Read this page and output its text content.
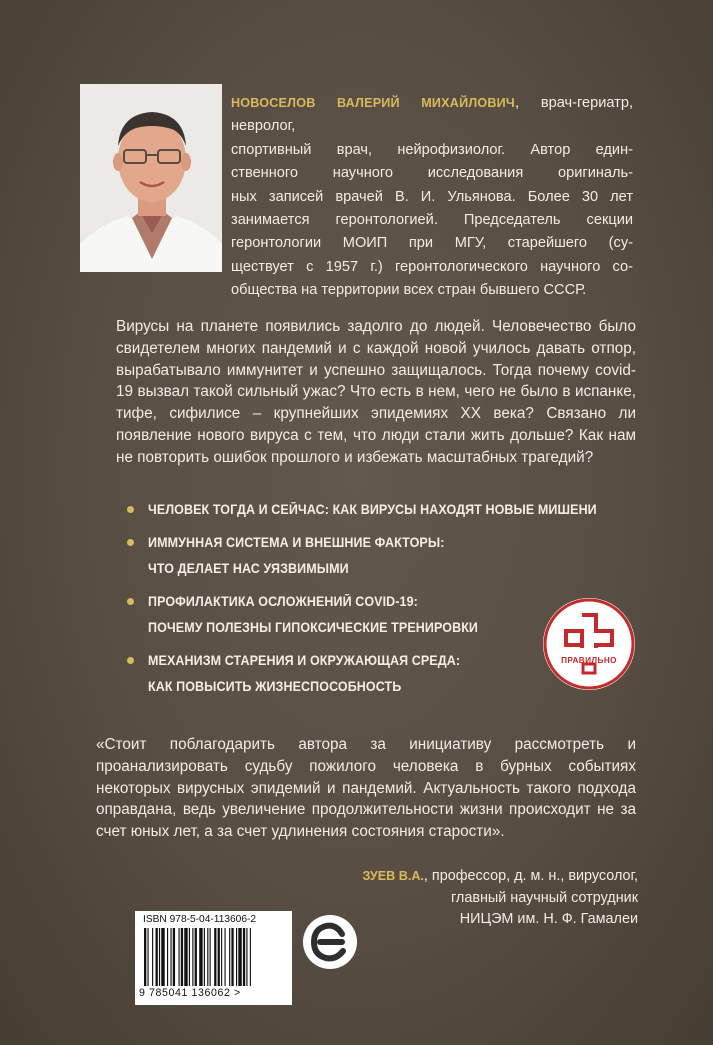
НОВОСЕЛОВ ВАЛЕРИЙ МИХАЙЛОВИЧ, врач-гериатр, невролог,
спортивный врач, нейрофизиолог. Автор един-
ственного научного исследования оригиналь-
ных записей врачей В. И. Ульянова. Более 30 лет
занимается геронтологией. Председатель секции
геронтологии МОИП при МГУ, старейшего (су-
ществует с 1957 г.) геронтологического научного со-
общества на территории всех стран бывшего СССР.
Вирусы на планете появились задолго до людей. Человечество было свидетелем многих пандемий и с каждой новой училось давать отпор, вырабатывало иммунитет и успешно защищалось. Тогда почему covid-19 вызвал такой сильный ужас? Что есть в нем, чего не было в испанке, тифе, сифилисе – крупнейших эпидемиях XX века? Связано ли появление нового вируса с тем, что люди стали жить дольше? Как нам не повторить ошибок прошлого и избежать масштабных трагедий?
ЧЕЛОВЕК ТОГДА И СЕЙЧАС: КАК ВИРУСЫ НАХОДЯТ НОВЫЕ МИШЕНИ
ИММУННАЯ СИСТЕМА И ВНЕШНИЕ ФАКТОРЫ:
ЧТО ДЕЛАЕТ НАС УЯЗВИМЫМИ
ПРОФИЛАКТИКА ОСЛОЖНЕНИЙ COVID-19:
ПОЧЕМУ ПОЛЕЗНЫ ГИПОКСИЧЕСКИЕ ТРЕНИРОВКИ
МЕХАНИЗМ СТАРЕНИЯ И ОКРУЖАЮЩАЯ СРЕДА:
КАК ПОВЫСИТЬ ЖИЗНЕСПОСОБНОСТЬ
ПРАВИЛЬНО
«Стоит поблагодарить автора за инициативу рассмотреть и проанализировать судьбу пожилого человека в бурных событиях некоторых вирусных эпидемий и пандемий. Актуальность такого подхода оправдана, ведь увеличение продолжительности жизни происходит не за счет юных лет, а за счет удлинения состояния старости».
ЗУЕВ В.А., профессор, д. м. н., вирусолог,
главный научный сотрудник
НИЦЭМ им. Н. Ф. Гамалеи
ISBN 978-5-04-113606-2
9 785041 136062 >
